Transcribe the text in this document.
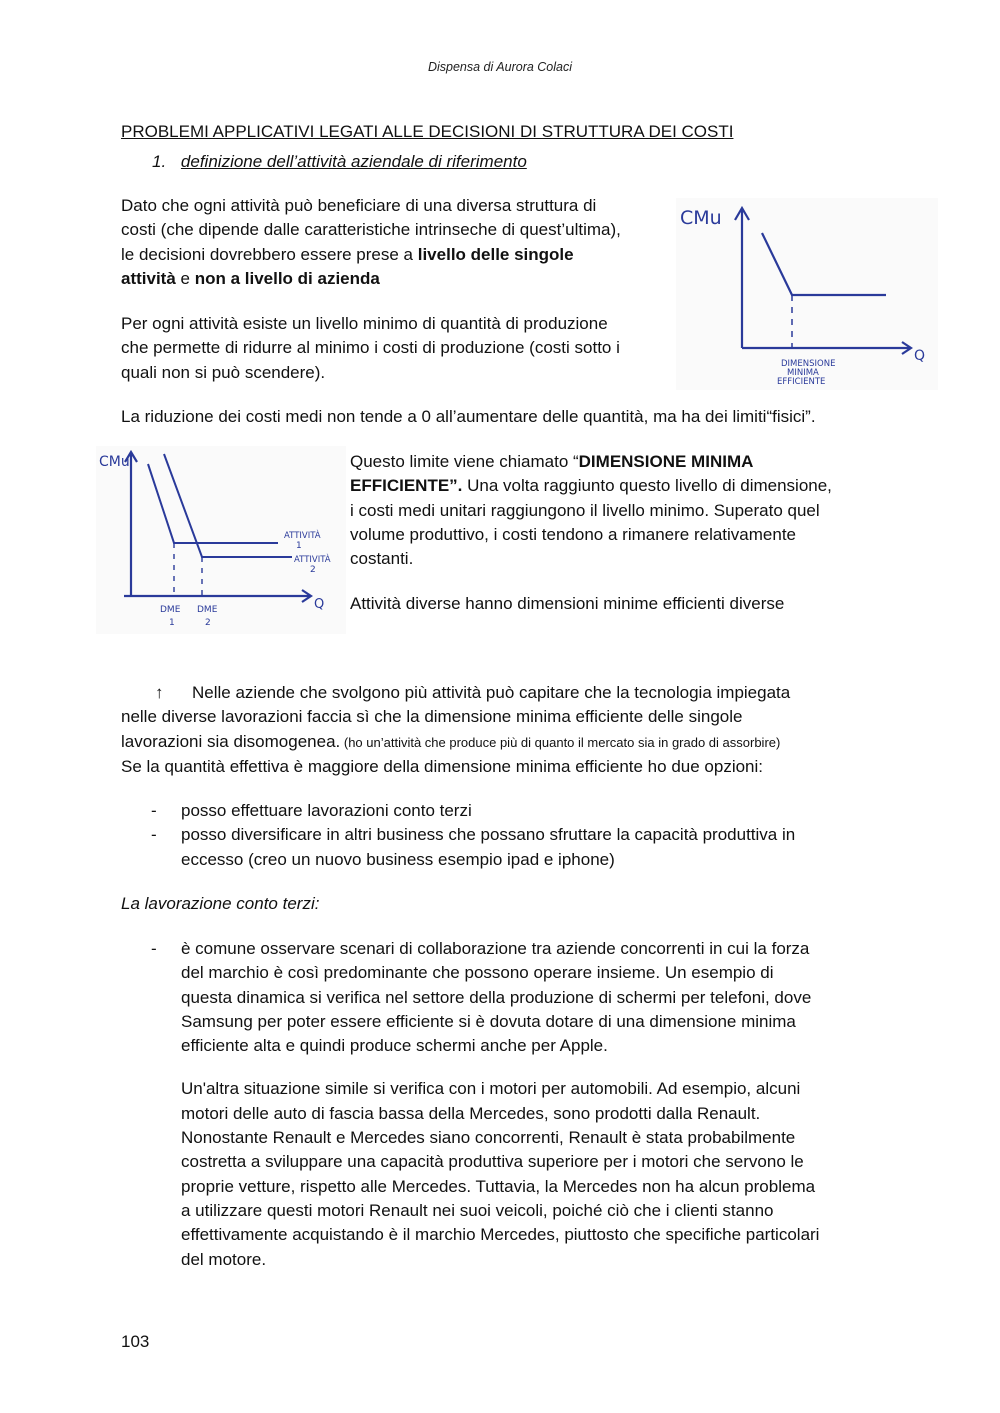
Dispensa di Aurora Colaci
PROBLEMI APPLICATIVI LEGATI ALLE DECISIONI DI STRUTTURA DEI COSTI
1. definizione dell’attività aziendale di riferimento
Dato che ogni attività può beneficiare di una diversa struttura di
costi (che dipende dalle caratteristiche intrinseche di quest’ultima),
le decisioni dovrebbero essere prese a livello delle singole
attività e non a livello di azienda
Per ogni attività esiste un livello minimo di quantità di produzione
che permette di ridurre al minimo i costi di produzione (costi sotto i
quali non si può scendere).
CMu
Q
DIMENSIONE
MINIMA
EFFICIENTE
La riduzione dei costi medi non tende a 0 all’aumentare delle quantità, ma ha dei limiti“fisici”.
CMu
Q
ATTIVITÀ
1
ATTIVITÀ
2
DME
1
DME
2
Questo limite viene chiamato “DIMENSIONE MINIMA
EFFICIENTE”. Una volta raggiunto questo livello di dimensione,
i costi medi unitari raggiungono il livello minimo. Superato quel
volume produttivo, i costi tendono a rimanere relativamente
costanti.
Attività diverse hanno dimensioni minime efficienti diverse
↑ Nelle aziende che svolgono più attività può capitare che la tecnologia impiegata
nelle diverse lavorazioni faccia sì che la dimensione minima efficiente delle singole
lavorazioni sia disomogenea. (ho un’attività che produce più di quanto il mercato sia in grado di assorbire)
Se la quantità effettiva è maggiore della dimensione minima efficiente ho due opzioni:
- posso effettuare lavorazioni conto terzi
- posso diversificare in altri business che possano sfruttare la capacità produttiva in
eccesso (creo un nuovo business esempio ipad e iphone)
La lavorazione conto terzi:
- è comune osservare scenari di collaborazione tra aziende concorrenti in cui la forza
del marchio è così predominante che possono operare insieme. Un esempio di
questa dinamica si verifica nel settore della produzione di schermi per telefoni, dove
Samsung per poter essere efficiente si è dovuta dotare di una dimensione minima
efficiente alta e quindi produce schermi anche per Apple.
Un'altra situazione simile si verifica con i motori per automobili. Ad esempio, alcuni
motori delle auto di fascia bassa della Mercedes, sono prodotti dalla Renault.
Nonostante Renault e Mercedes siano concorrenti, Renault è stata probabilmente
costretta a sviluppare una capacità produttiva superiore per i motori che servono le
proprie vetture, rispetto alle Mercedes. Tuttavia, la Mercedes non ha alcun problema
a utilizzare questi motori Renault nei suoi veicoli, poiché ciò che i clienti stanno
effettivamente acquistando è il marchio Mercedes, piuttosto che specifiche particolari
del motore.
103
